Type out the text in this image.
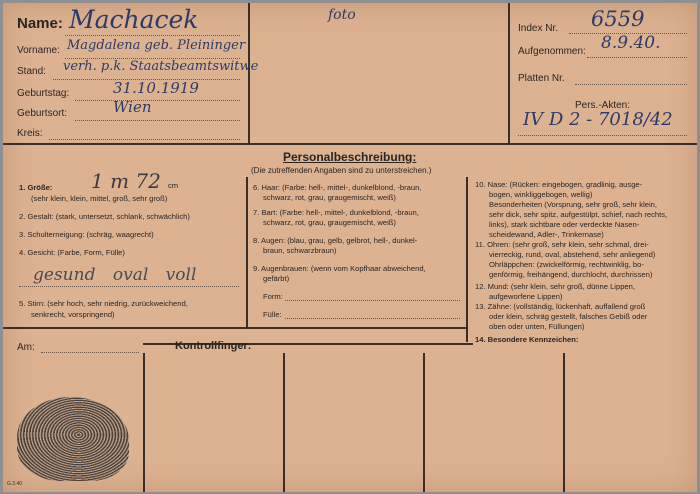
Name: Machacek
Vorname: Magdalena geb. Pleininger
Stand: verh. p.k. Staatsbeamtswitwe
Geburtstag:	31.10.1919
Geburtsort:	Wien
Kreis:
foto
Index Nr. 6559
Aufgenommen: 8.9.40.
Platten Nr.
Pers.-Akten:
IV D 2 - 7018/42
Personalbeschreibung:
(Die zutreffenden Angaben sind zu unterstreichen.)
1. Größe: 1 m 72 cm
(sehr klein, klein, mittel, groß, sehr groß)
2. Gestalt: (stark, untersetzt, schlank, schwächlich)
3. Schulterneigung: (schräg, waagrecht)
4. Gesicht: (Farbe, Form, Fülle)
gesund oval voll
5. Stirn: (sehr hoch, sehr niedrig, zurückweichend,
senkrecht, vorspringend)
6. Haar: (Farbe: hell-, mittel-, dunkelblond, -braun,
schwarz, rot, grau, graugemischt, weiß)
7. Bart: (Farbe: hell-, mittel-, dunkelblond, -braun,
schwarz, rot, grau, graugemischt, weiß)
8. Augen: (blau, grau, gelb, gelbrot, hell-, dunkel-
braun, schwarzbraun)
9. Augenbrauen: (wenn vom Kopfhaar abweichend,
gefärbt)
Form:
Fülle:
10. Nase: (Rücken: eingebogen, gradlinig, ausge-
bogen, winkliggebogen, wellig)
Besonderheiten (Vorsprung, sehr groß, sehr klein,
sehr dick, sehr spitz, aufgestülpt, schief, nach rechts,
links), stark sichtbare oder verdeckte Nasen-
scheidewand, Adler-, Trinkernase)
11. Ohren: (sehr groß, sehr klein, sehr schmal, drei-
vierreckig, rund, oval, abstehend, sehr anliegend)
Ohrläppchen: (zwickelförmig, rechtwinklig, bo-
genförmig, freihängend, durchlocht, durchrissen)
12. Mund: (sehr klein, sehr groß, dünne Lippen,
aufgeworfene Lippen)
13. Zähne: (vollständig, lückenhaft, auffallend groß
oder klein, schräg gestellt, falsches Gebiß oder
oben oder unten, Füllungen)
14. Besondere Kennzeichen:
Am:	Kontrollfinger:
G.3.40
